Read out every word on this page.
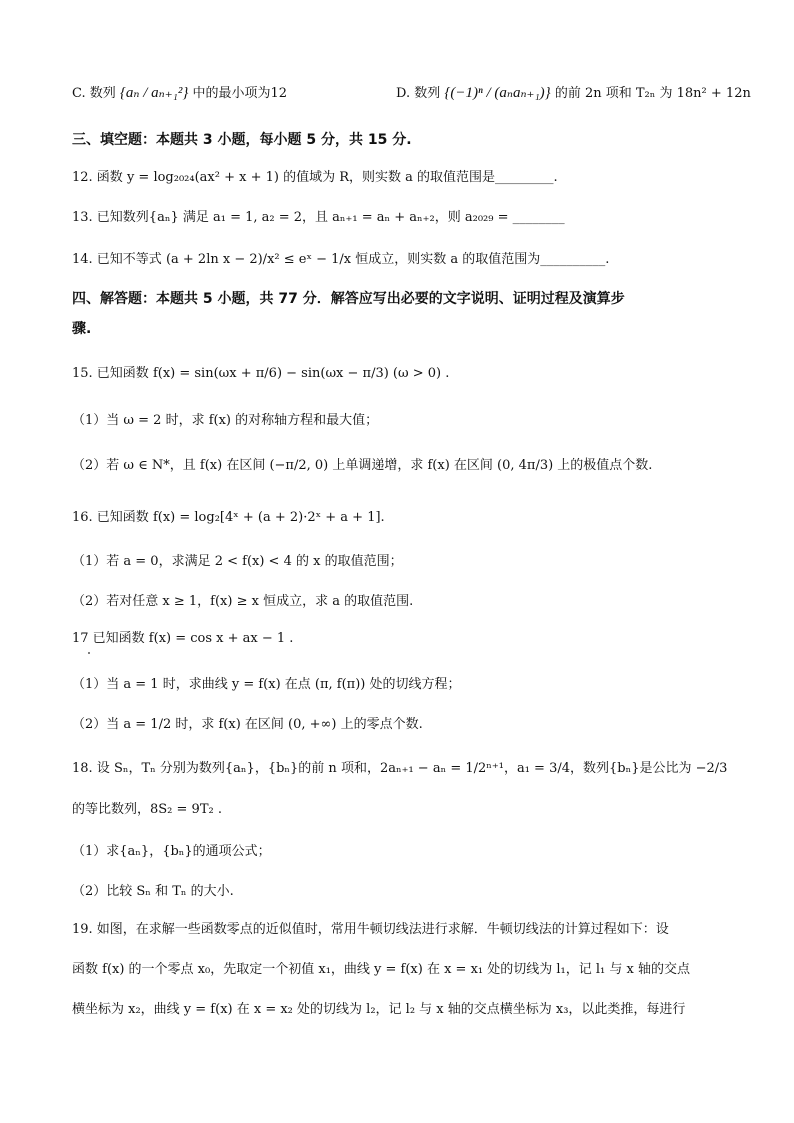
C. 数列 {aₙ / aₙ₊₁²} 中的最小项为12	D. 数列 {(−1)ⁿ / (aₙaₙ₊₁)} 的前 2n 项和 T₂ₙ 为 18n² + 12n
三、填空题：本题共 3 小题，每小题 5 分，共 15 分.
12. 函数 y = log₂₀₂₄(ax² + x + 1) 的值域为 R，则实数 a 的取值范围是_________.
13. 已知数列{aₙ} 满足 a₁ = 1, a₂ = 2，且 aₙ₊₁ = aₙ + aₙ₊₂，则 a₂₀₂₉ = ________
14. 已知不等式 (a + 2ln x − 2)/x² ≤ eˣ − 1/x 恒成立，则实数 a 的取值范围为__________.
四、解答题：本题共 5 小题，共 77 分．解答应写出必要的文字说明、证明过程及演算步
骤.
15. 已知函数 f(x) = sin(ωx + π/6) − sin(ωx − π/3) (ω > 0) .
（1）当 ω = 2 时，求 f(x) 的对称轴方程和最大值；
（2）若 ω ∈ N*，且 f(x) 在区间 (−π/2, 0) 上单调递增，求 f(x) 在区间 (0, 4π/3) 上的极值点个数.
16. 已知函数 f(x) = log₂[4ˣ + (a + 2)·2ˣ + a + 1].
（1）若 a = 0，求满足 2 < f(x) < 4 的 x 的取值范围；
（2）若对任意 x ≥ 1，f(x) ≥ x 恒成立，求 a 的取值范围.
17 已知函数 f(x) = cos x + ax − 1 .
（1）当 a = 1 时，求曲线 y = f(x) 在点 (π, f(π)) 处的切线方程；
（2）当 a = 1/2 时，求 f(x) 在区间 (0, +∞) 上的零点个数.
18. 设 Sₙ，Tₙ 分别为数列{aₙ}，{bₙ}的前 n 项和，2aₙ₊₁ − aₙ = 1/2ⁿ⁺¹，a₁ = 3/4，数列{bₙ}是公比为 −2/3
的等比数列，8S₂ = 9T₂ .
（1）求{aₙ}，{bₙ}的通项公式；
（2）比较 Sₙ 和 Tₙ 的大小.
19. 如图，在求解一些函数零点的近似值时，常用牛顿切线法进行求解．牛顿切线法的计算过程如下：设
函数 f(x) 的一个零点 x₀，先取定一个初值 x₁，曲线 y = f(x) 在 x = x₁ 处的切线为 l₁，记 l₁ 与 x 轴的交点
横坐标为 x₂，曲线 y = f(x) 在 x = x₂ 处的切线为 l₂，记 l₂ 与 x 轴的交点横坐标为 x₃，以此类推，每进行
